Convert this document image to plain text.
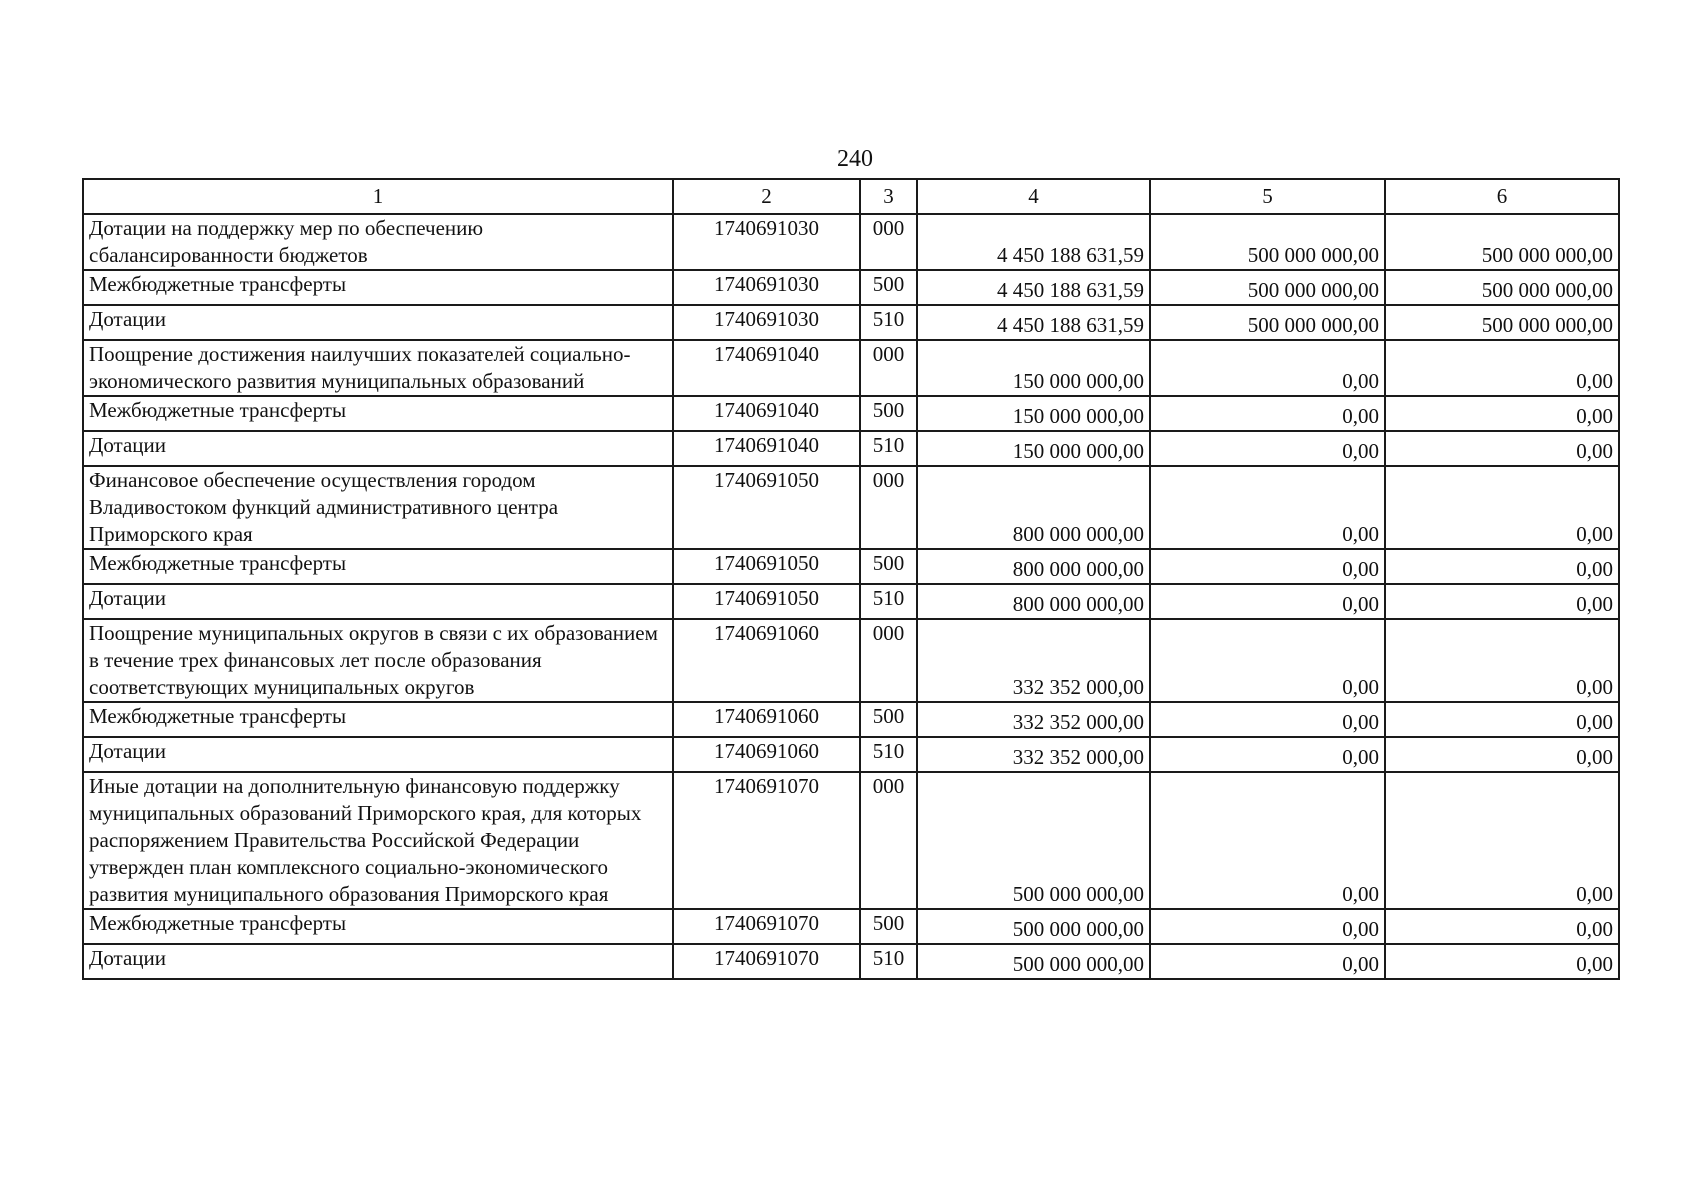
240
1	2	3	4	5	6
Дотации на поддержку мер по обеспечению сбалансированности бюджетов	1740691030	000	4 450 188 631,59	500 000 000,00	500 000 000,00
Межбюджетные трансферты	1740691030	500	4 450 188 631,59	500 000 000,00	500 000 000,00
Дотации	1740691030	510	4 450 188 631,59	500 000 000,00	500 000 000,00
Поощрение достижения наилучших показателей социально-экономического развития муниципальных образований	1740691040	000	150 000 000,00	0,00	0,00
Межбюджетные трансферты	1740691040	500	150 000 000,00	0,00	0,00
Дотации	1740691040	510	150 000 000,00	0,00	0,00
Финансовое обеспечение осуществления городом Владивостоком функций административного центра Приморского края	1740691050	000	800 000 000,00	0,00	0,00
Межбюджетные трансферты	1740691050	500	800 000 000,00	0,00	0,00
Дотации	1740691050	510	800 000 000,00	0,00	0,00
Поощрение муниципальных округов в связи с их образованием в течение трех финансовых лет после образования соответствующих муниципальных округов	1740691060	000	332 352 000,00	0,00	0,00
Межбюджетные трансферты	1740691060	500	332 352 000,00	0,00	0,00
Дотации	1740691060	510	332 352 000,00	0,00	0,00
Иные дотации на дополнительную финансовую поддержку муниципальных образований Приморского края, для которых распоряжением Правительства Российской Федерации утвержден план комплексного социально-экономического развития муниципального образования Приморского края	1740691070	000	500 000 000,00	0,00	0,00
Межбюджетные трансферты	1740691070	500	500 000 000,00	0,00	0,00
Дотации	1740691070	510	500 000 000,00	0,00	0,00
